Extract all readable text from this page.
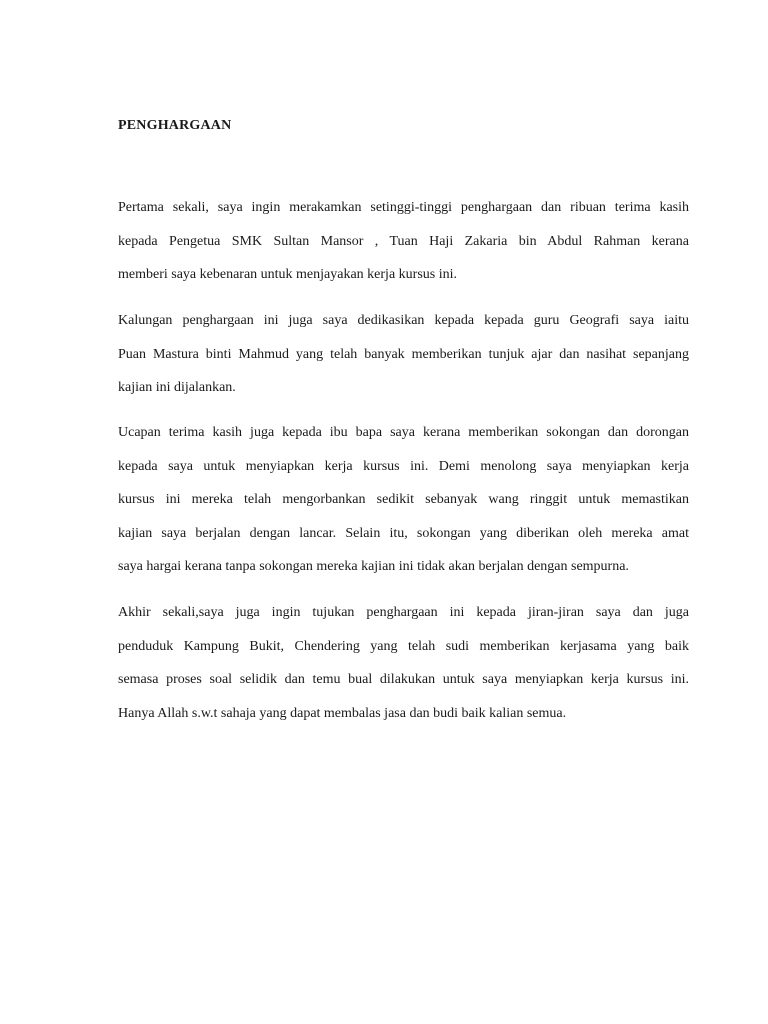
PENGHARGAAN

Pertama sekali, saya ingin merakamkan setinggi-tinggi penghargaan dan ribuan terima kasih
kepada Pengetua SMK Sultan Mansor , Tuan Haji Zakaria bin Abdul Rahman kerana
memberi saya kebenaran untuk menjayakan kerja kursus ini.

Kalungan penghargaan ini juga saya dedikasikan kepada kepada guru Geografi saya iaitu
Puan Mastura binti Mahmud yang telah banyak memberikan tunjuk ajar dan nasihat sepanjang
kajian ini dijalankan.

Ucapan terima kasih juga kepada ibu bapa saya kerana memberikan sokongan dan dorongan
kepada saya untuk menyiapkan kerja kursus ini. Demi menolong saya menyiapkan kerja
kursus ini mereka telah mengorbankan sedikit sebanyak wang ringgit untuk memastikan
kajian saya berjalan dengan lancar. Selain itu, sokongan yang diberikan oleh mereka amat
saya hargai kerana tanpa sokongan mereka kajian ini tidak akan berjalan dengan sempurna.

Akhir sekali,saya juga ingin tujukan penghargaan ini kepada jiran-jiran saya dan juga
penduduk Kampung Bukit, Chendering yang telah sudi memberikan kerjasama yang baik
semasa proses soal selidik dan temu bual dilakukan untuk saya menyiapkan kerja kursus ini.
Hanya Allah s.w.t sahaja yang dapat membalas jasa dan budi baik kalian semua.
